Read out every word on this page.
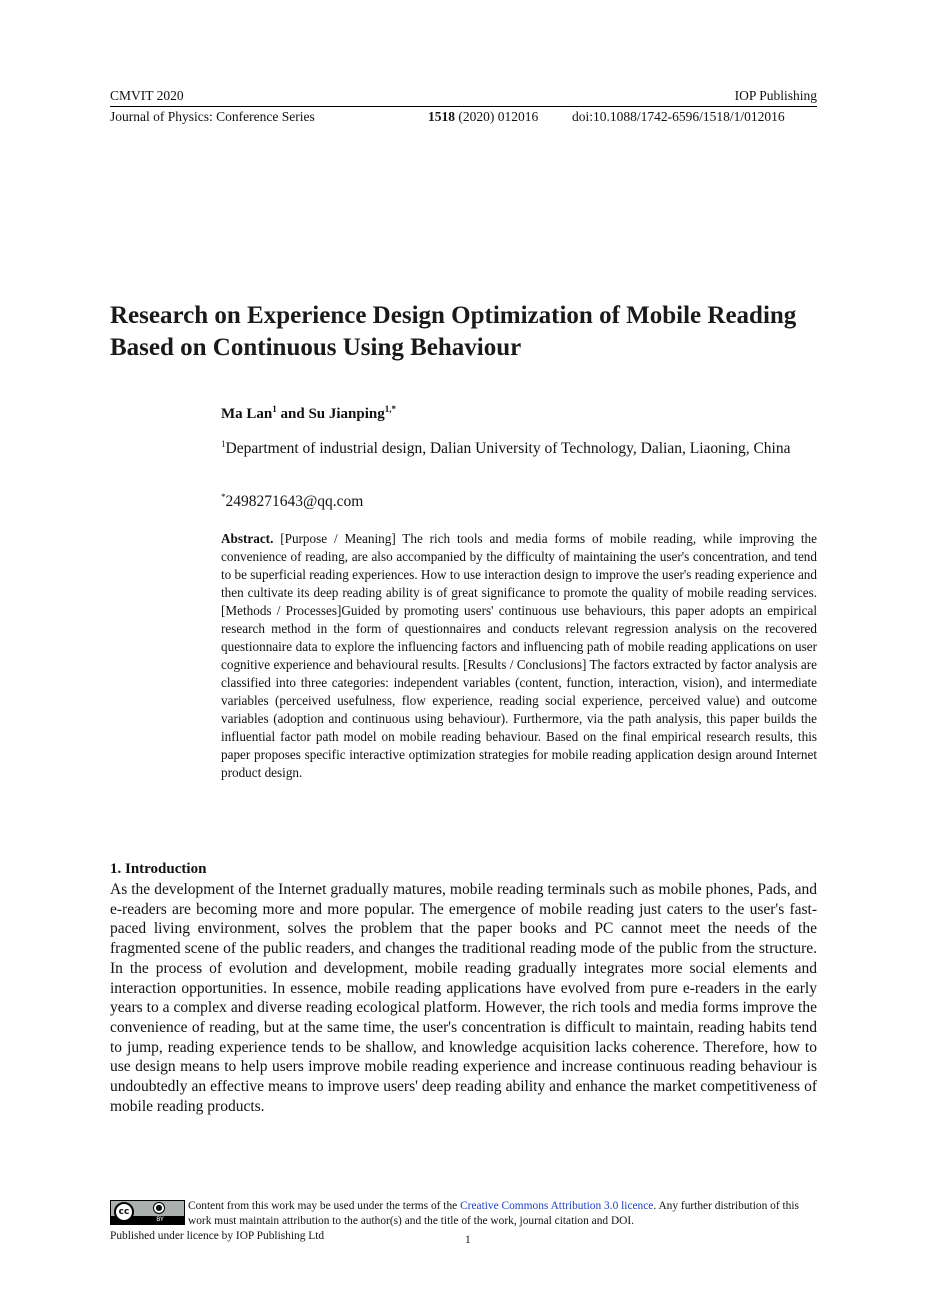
CMVIT 2020	IOP Publishing
Journal of Physics: Conference Series	1518 (2020) 012016	doi:10.1088/1742-6596/1518/1/012016
Research on Experience Design Optimization of Mobile Reading Based on Continuous Using Behaviour
Ma Lan$^1$ and Su Jianping$^{1,*}$
$^1$Department of industrial design, Dalian University of Technology, Dalian, Liaoning, China
*2498271643@qq.com
Abstract. [Purpose / Meaning] The rich tools and media forms of mobile reading, while improving the convenience of reading, are also accompanied by the difficulty of maintaining the user's concentration, and tend to be superficial reading experiences. How to use interaction design to improve the user's reading experience and then cultivate its deep reading ability is of great significance to promote the quality of mobile reading services.[Methods / Processes]Guided by promoting users' continuous use behaviours, this paper adopts an empirical research method in the form of questionnaires and conducts relevant regression analysis on the recovered questionnaire data to explore the influencing factors and influencing path of mobile reading applications on user cognitive experience and behavioural results. [Results / Conclusions] The factors extracted by factor analysis are classified into three categories: independent variables (content, function, interaction, vision), and intermediate variables (perceived usefulness, flow experience, reading social experience, perceived value) and outcome variables (adoption and continuous using behaviour). Furthermore, via the path analysis, this paper builds the influential factor path model on mobile reading behaviour. Based on the final empirical research results, this paper proposes specific interactive optimization strategies for mobile reading application design around Internet product design.
1. Introduction
As the development of the Internet gradually matures, mobile reading terminals such as mobile phones, Pads, and e-readers are becoming more and more popular. The emergence of mobile reading just caters to the user's fast-paced living environment, solves the problem that the paper books and PC cannot meet the needs of the fragmented scene of the public readers, and changes the traditional reading mode of the public from the structure. In the process of evolution and development, mobile reading gradually integrates more social elements and interaction opportunities. In essence, mobile reading applications have evolved from pure e-readers in the early years to a complex and diverse reading ecological platform. However, the rich tools and media forms improve the convenience of reading, but at the same time, the user's concentration is difficult to maintain, reading habits tend to jump, reading experience tends to be shallow, and knowledge acquisition lacks coherence. Therefore, how to use design means to help users improve mobile reading experience and increase continuous reading behaviour is undoubtedly an effective means to improve users' deep reading ability and enhance the market competitiveness of mobile reading products.
cc	●
BY
Content from this work may be used under the terms of the Creative Commons Attribution 3.0 licence. Any further distribution of this work must maintain attribution to the author(s) and the title of the work, journal citation and DOI.
Published under licence by IOP Publishing Ltd	1
